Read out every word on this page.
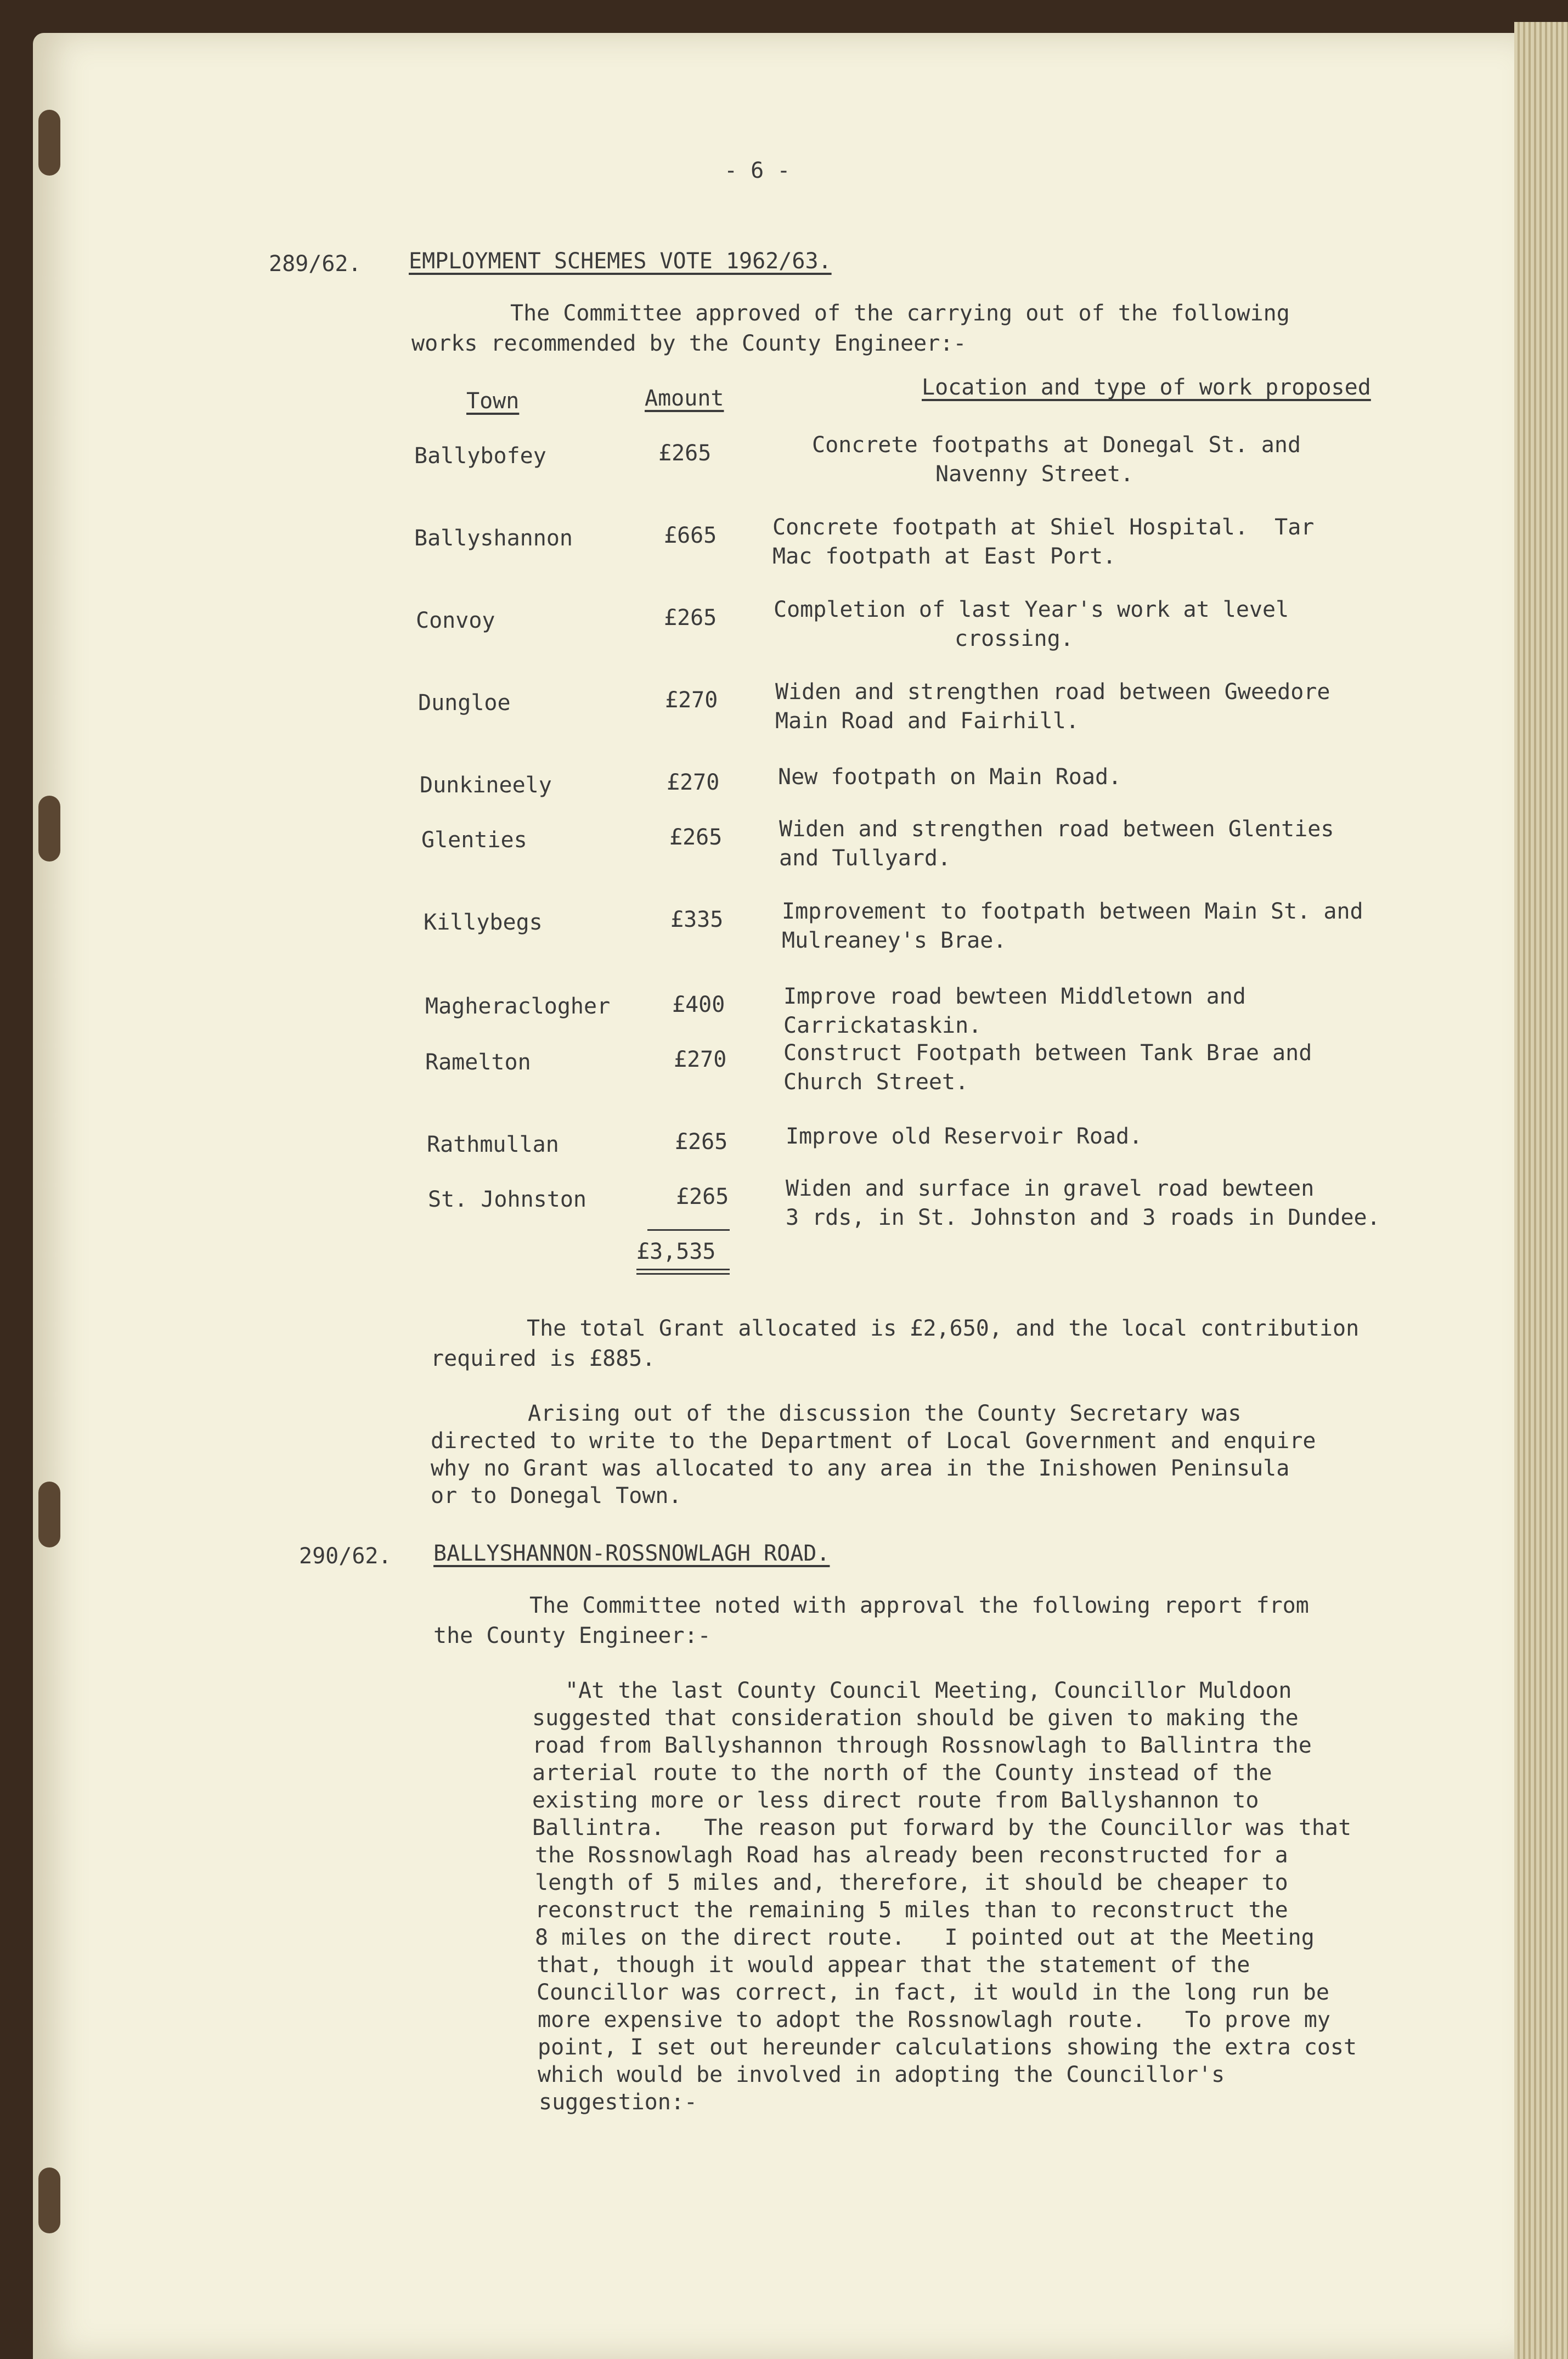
- 6 -
289/62. EMPLOYMENT SCHEMES VOTE 1962/63.
The Committee approved of the carrying out of the following
works recommended by the County Engineer:-
Town	Amount	Location and type of work proposed
Ballybofey	£265	Concrete footpaths at Donegal St. and
Navenny Street.
Ballyshannon	£665	Concrete footpath at Shiel Hospital.  Tar
Mac footpath at East Port.
Convoy	£265	Completion of last Year's work at level
crossing.
Dungloe	£270	Widen and strengthen road between Gweedore
Main Road and Fairhill.
Dunkineely	£270	New footpath on Main Road.
Glenties	£265	Widen and strengthen road between Glenties
and Tullyard.
Killybegs	£335	Improvement to footpath between Main St. and
Mulreaney's Brae.
Magheraclogher	£400	Improve road bewteen Middletown and
Carrickataskin.
Ramelton	£270	Construct Footpath between Tank Brae and
Church Street.
Rathmullan	£265	Improve old Reservoir Road.
St. Johnston	£265	Widen and surface in gravel road bewteen
3 rds, in St. Johnston and 3 roads in Dundee.
£3,535
The total Grant allocated is £2,650, and the local contribution
required is £885.
Arising out of the discussion the County Secretary was
directed to write to the Department of Local Government and enquire
why no Grant was allocated to any area in the Inishowen Peninsula
or to Donegal Town.
290/62. BALLYSHANNON-ROSSNOWLAGH ROAD.
The Committee noted with approval the following report from
the County Engineer:-
"At the last County Council Meeting, Councillor Muldoon
suggested that consideration should be given to making the
road from Ballyshannon through Rossnowlagh to Ballintra the
arterial route to the north of the County instead of the
existing more or less direct route from Ballyshannon to
Ballintra.   The reason put forward by the Councillor was that
the Rossnowlagh Road has already been reconstructed for a
length of 5 miles and, therefore, it should be cheaper to
reconstruct the remaining 5 miles than to reconstruct the
8 miles on the direct route.   I pointed out at the Meeting
that, though it would appear that the statement of the
Councillor was correct, in fact, it would in the long run be
more expensive to adopt the Rossnowlagh route.   To prove my
point, I set out hereunder calculations showing the extra cost
which would be involved in adopting the Councillor's
suggestion:-
